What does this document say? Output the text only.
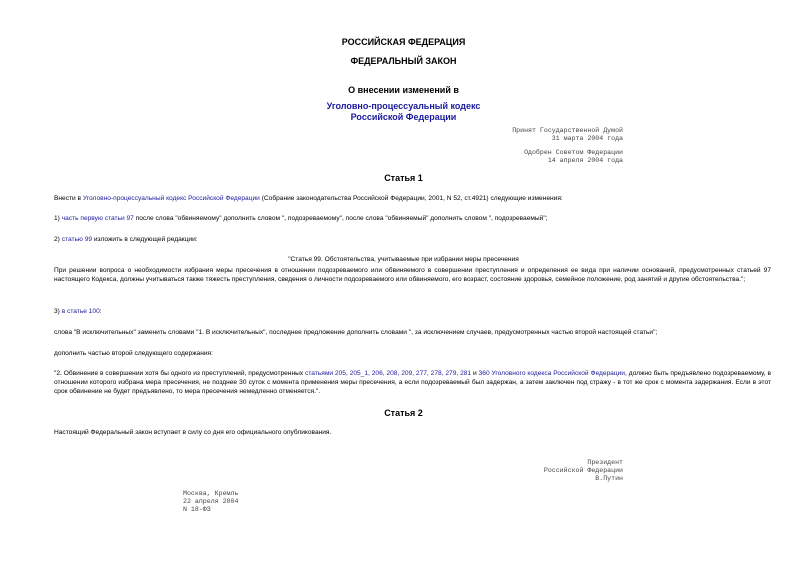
РОССИЙСКАЯ ФЕДЕРАЦИЯ
ФЕДЕРАЛЬНЫЙ ЗАКОН
О внесении изменений в
Уголовно-процессуальный кодекс
Российской Федерации
Принят Государственной Думой
31 марта 2004 года
Одобрен Советом Федерации
14 апреля 2004 года
Статья 1
Внести в Уголовно-процессуальный кодекс Российской Федерации (Собрание законодательства Российской Федерации, 2001, N 52, ст.4921) следующие изменения:
1) часть первую статьи 97 после слова "обвиняемому" дополнить словом ", подозреваемому", после слова "обвиняемый" дополнить словом ", подозреваемый";
2) статью 99 изложить в следующей редакции:
"Статья 99. Обстоятельства, учитываемые при избрании меры пресечения
При решении вопроса о необходимости избрания меры пресечения в отношении подозреваемого или обвиняемого в совершении преступления и определения ее вида при наличии оснований, предусмотренных статьей 97 настоящего Кодекса, должны учитываться также тяжесть преступления, сведения о личности подозреваемого или обвиняемого, его возраст, состояние здоровья, семейное положение, род занятий и другие обстоятельства.";
3) в статье 100:
слова "В исключительных" заменить словами "1. В исключительных", последнее предложение дополнить словами ", за исключением случаев, предусмотренных частью второй настоящей статьи";
дополнить частью второй следующего содержания:
"2. Обвинение в совершении хотя бы одного из преступлений, предусмотренных статьями 205, 205_1, 206, 208, 209, 277, 278, 279, 281 и 360 Уголовного кодекса Российской Федерации, должно быть предъявлено подозреваемому, в отношении которого избрана мера пресечения, не позднее 30 суток с момента применения меры пресечения, а если подозреваемый был задержан, а затем заключен под стражу - в тот же срок с момента задержания. Если в этот срок обвинение не будет предъявлено, то мера пресечения немедленно отменяется.".
Статья 2
Настоящий Федеральный закон вступает в силу со дня его официального опубликования.
Президент
Российской Федерации
В.Путин
Москва, Кремль
22 апреля 2004
N 18-ФЗ
